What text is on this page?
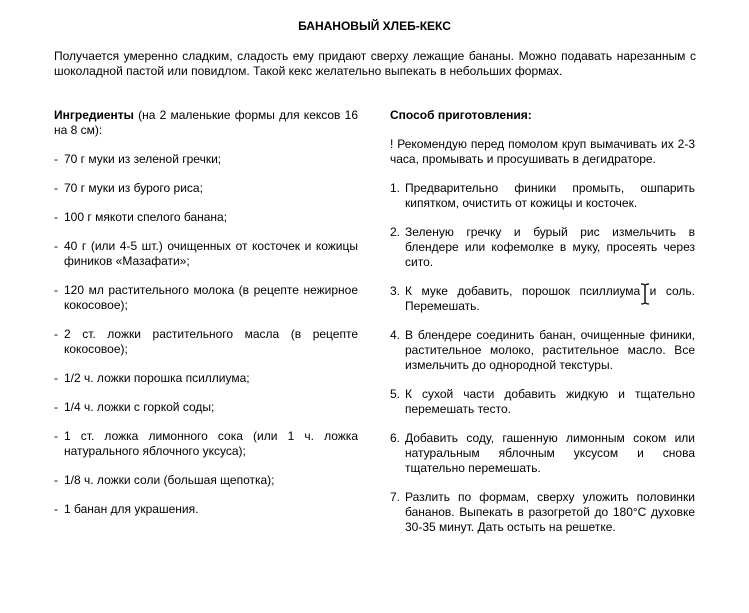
БАНАНОВЫЙ ХЛЕБ-КЕКС
Получается умеренно сладким, сладость ему придают сверху лежащие бананы. Можно подавать нарезанным с шоколадной пастой или повидлом. Такой кекс желательно выпекать в небольших формах.
Ингредиенты (на 2 маленькие формы для кексов 16 на 8 см):
- 70 г муки из зеленой гречки;
- 70 г муки из бурого риса;
- 100 г мякоти спелого банана;
- 40 г (или 4-5 шт.) очищенных от косточек и кожицы фиников «Мазафати»;
- 120 мл растительного молока (в рецепте нежирное кокосовое);
- 2 ст. ложки растительного масла (в рецепте кокосовое);
- 1/2 ч. ложки порошка псиллиума;
- 1/4 ч. ложки с горкой соды;
- 1 ст. ложка лимонного сока (или 1 ч. ложка натурального яблочного уксуса);
- 1/8 ч. ложки соли (большая щепотка);
- 1 банан для украшения.
Способ приготовления:
! Рекомендую перед помолом круп вымачивать их 2-3 часа, промывать и просушивать в дегидраторе.
1. Предварительно финики промыть, ошпарить кипятком, очистить от кожицы и косточек.
2. Зеленую гречку и бурый рис измельчить в блендере или кофемолке в муку, просеять через сито.
3. К муке добавить, порошок псиллиума и соль. Перемешать.
4. В блендере соединить банан, очищенные финики, растительное молоко, растительное масло. Все измельчить до однородной текстуры.
5. К сухой части добавить жидкую и тщательно перемешать тесто.
6. Добавить соду, гашенную лимонным соком или натуральным яблочным уксусом и снова тщательно перемешать.
7. Разлить по формам, сверху уложить половинки бананов. Выпекать в разогретой до 180°С духовке 30-35 минут. Дать остыть на решетке.
